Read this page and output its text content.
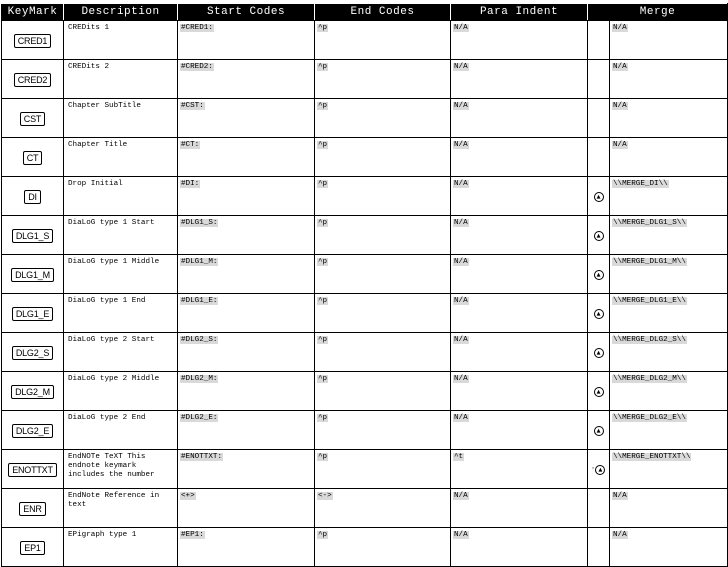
KeyMark	Description	Start Codes	End Codes	Para Indent	Merge	
CRED1	CREDits 1	#CRED1:	^p	N/A		N/A
CRED2	CREDits 2	#CRED2:	^p	N/A		N/A
CST	Chapter SubTitle	#CST:	^p	N/A		N/A
CT	Chapter Title	#CT:	^p	N/A		N/A
DI	Drop Initial	#DI:	^p	N/A	▲	\\MERGE_DI\\
DLG1_S	DiaLoG type 1 Start	#DLG1_S:	^p	N/A	▲	\\MERGE_DLG1_S\\
DLG1_M	DiaLoG type 1 Middle	#DLG1_M:	^p	N/A	▲	\\MERGE_DLG1_M\\
DLG1_E	DiaLoG type 1 End	#DLG1_E:	^p	N/A	▲	\\MERGE_DLG1_E\\
DLG2_S	DiaLoG type 2 Start	#DLG2_S:	^p	N/A	▲	\\MERGE_DLG2_S\\
DLG2_M	DiaLoG type 2 Middle	#DLG2_M:	^p	N/A	▲	\\MERGE_DLG2_M\\
DLG2_E	DiaLoG type 2 End	#DLG2_E:	^p	N/A	▲	\\MERGE_DLG2_E\\
ENOTTXT	EndNOTe TeXT This endnote keymark includes the number	#ENOTTXT:	^p	^t	· ▲	\\MERGE_ENOTTXT\\
ENR	EndNote Reference in text	<+>	<->	N/A		N/A
EP1	EPigraph type 1	#EP1:	^p	N/A		N/A
